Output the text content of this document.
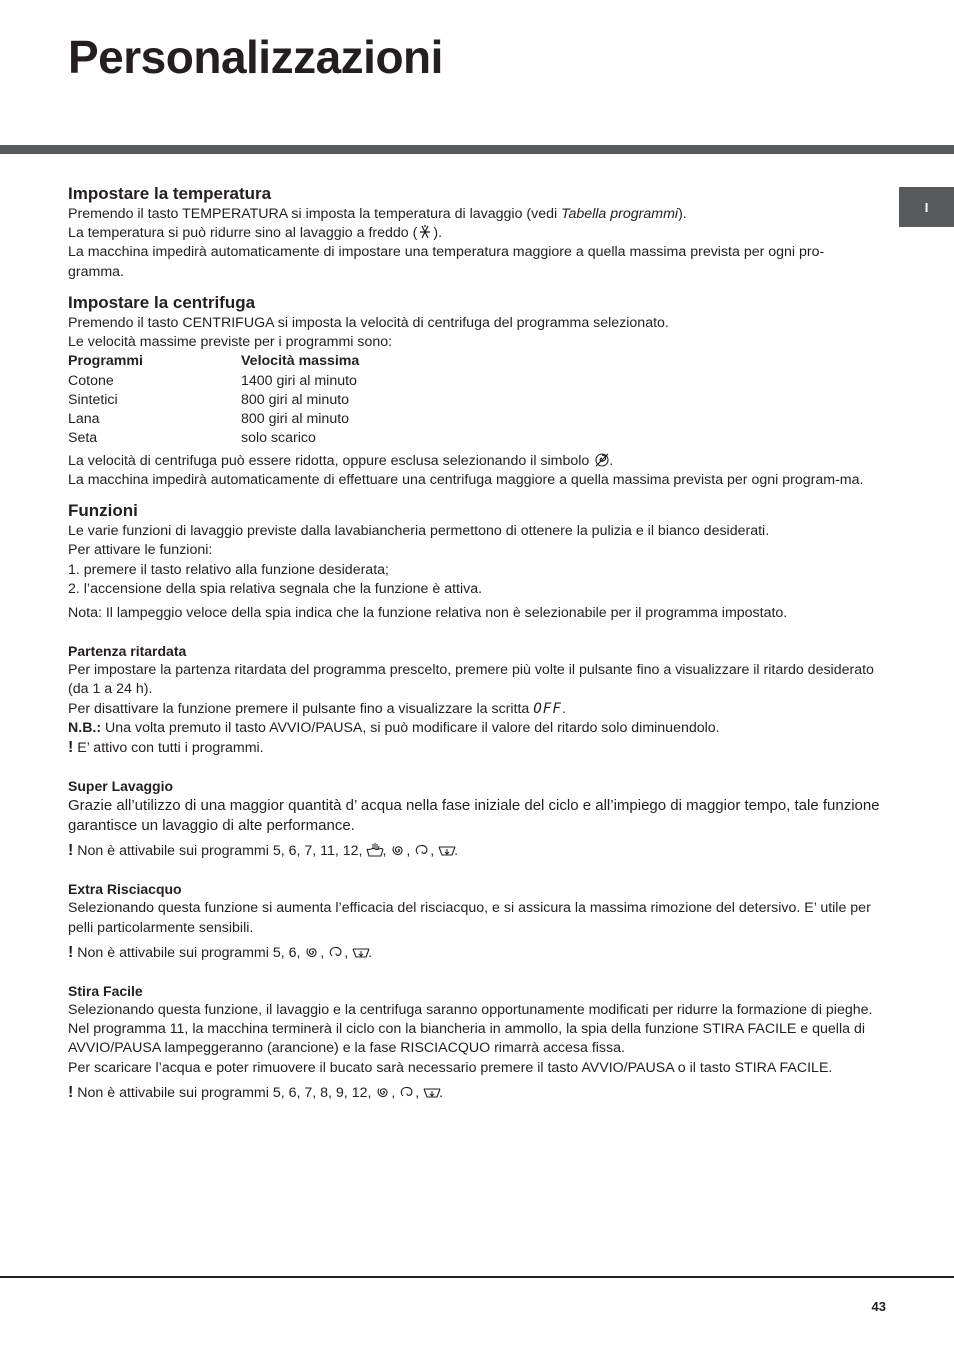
Personalizzazioni
I
Impostare la temperatura

Premendo il tasto TEMPERATURA si imposta la temperatura di lavaggio (vedi Tabella programmi).

La temperatura si può ridurre sino al lavaggio a freddo ( ).

La macchina impedirà automaticamente di impostare una temperatura maggiore a quella massima prevista per ogni pro-gramma.

Impostare la centrifuga

Premendo il tasto CENTRIFUGA si imposta la velocità di centrifuga del programma selezionato.

Le velocità massime previste per i programmi sono:

Programmi	Velocità massima
Cotone	1400 giri al minuto
Sintetici	800 giri al minuto
Lana	800 giri al minuto
Seta	solo scarico

La velocità di centrifuga può essere ridotta, oppure esclusa selezionando il simbolo
.

La macchina impedirà automaticamente di effettuare una centrifuga maggiore a quella massima prevista per ogni program-ma.

Funzioni

Le varie funzioni di lavaggio previste dalla lavabiancheria permettono di ottenere la pulizia e il bianco desiderati.

Per attivare le funzioni:

1. premere il tasto relativo alla funzione desiderata;

2. l’accensione della spia relativa segnala che la funzione è attiva.

Nota: Il lampeggio veloce della spia indica che la funzione relativa non è selezionabile per il programma impostato.

Partenza ritardata

Per impostare la partenza ritardata del programma prescelto, premere più volte il pulsante fino a visualizzare il ritardo desiderato (da 1 a 24 h).

Per disattivare la funzione premere il pulsante fino a visualizzare la scritta OFF.

N.B.: Una volta premuto il tasto AVVIO/PAUSA, si può modificare il valore del ritardo solo diminuendolo.

! E’ attivo con tutti i programmi.

Super Lavaggio

Grazie all’utilizzo di una maggior quantità d’ acqua nella fase iniziale del ciclo e all’impiego di maggior tempo, tale funzione garantisce un lavaggio di alte performance.

! Non è attivabile sui programmi 5, 6, 7, 11, 12,
,
,
,
.

Extra Risciacquo

Selezionando questa funzione si aumenta l’efficacia del risciacquo, e si assicura la massima rimozione del detersivo. E’ utile per pelli particolarmente sensibili.

! Non è attivabile sui programmi 5, 6,
,
,
.

Stira Facile

Selezionando questa funzione, il lavaggio e la centrifuga saranno opportunamente modificati per ridurre la formazione di pieghe.

Nel programma 11, la macchina terminerà il ciclo con la biancheria in ammollo, la spia della funzione STIRA FACILE e quella di AVVIO/PAUSA lampeggeranno (arancione) e la fase RISCIACQUO rimarrà accesa fissa.

Per scaricare l’acqua e poter rimuovere il bucato sarà necessario premere il tasto AVVIO/PAUSA o il tasto STIRA FACILE.

! Non è attivabile sui programmi 5, 6, 7, 8, 9, 12,
,
,
.

43
